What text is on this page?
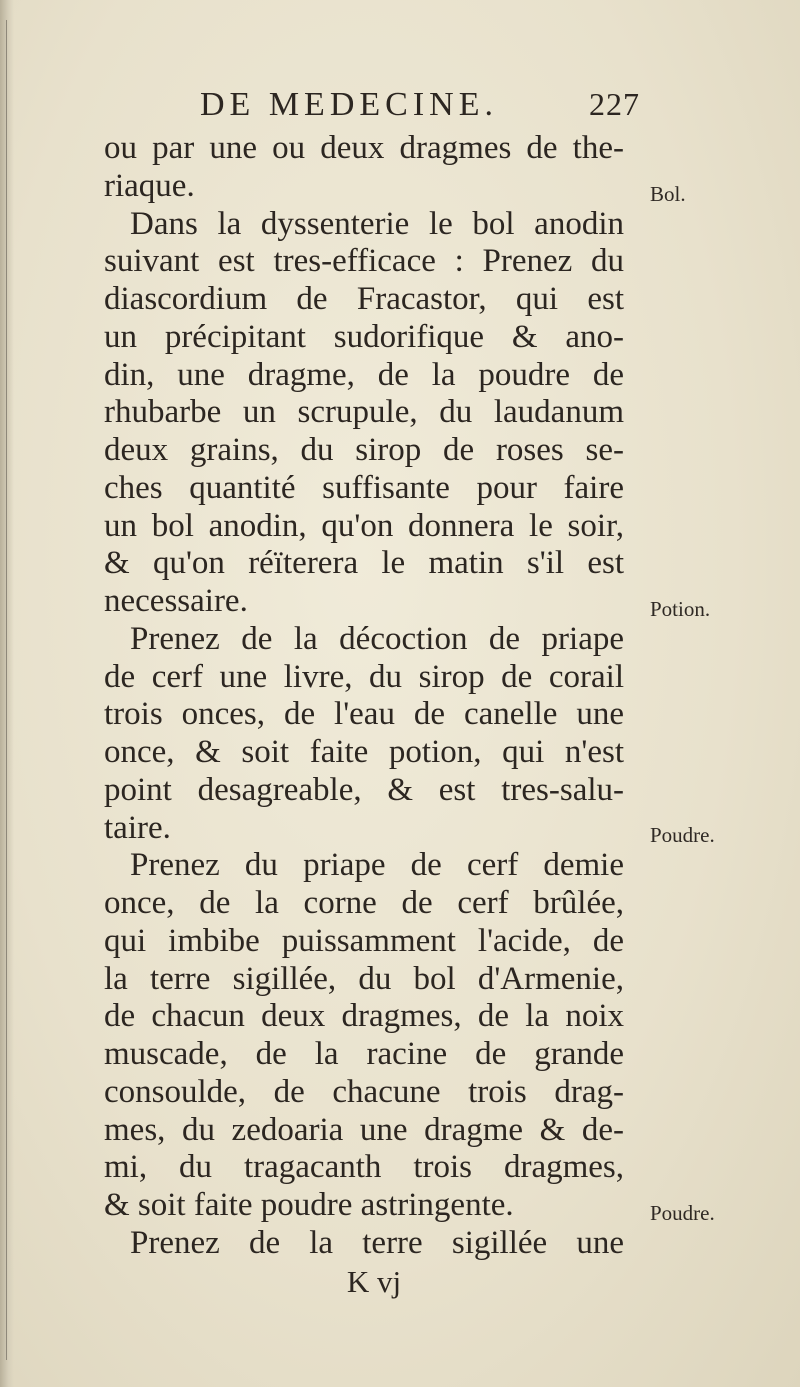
DE MEDECINE.	227
ou par une ou deux dragmes de the-
riaque.
Dans la dyssenterie le bol anodin
suivant est tres-efficace : Prenez du
diascordium de Fracastor, qui est
un précipitant sudorifique & ano-
din, une dragme, de la poudre de
rhubarbe un scrupule, du laudanum
deux grains, du sirop de roses se-
ches quantité suffisante pour faire
un bol anodin, qu'on donnera le soir,
& qu'on réïterera le matin s'il est
necessaire.
Prenez de la décoction de priape
de cerf une livre, du sirop de corail
trois onces, de l'eau de canelle une
once, & soit faite potion, qui n'est
point desagreable, & est tres-salu-
taire.
Prenez du priape de cerf demie
once, de la corne de cerf brûlée,
qui imbibe puissamment l'acide, de
la terre sigillée, du bol d'Armenie,
de chacun deux dragmes, de la noix
muscade, de la racine de grande
consoulde, de chacune trois drag-
mes, du zedoaria une dragme & de-
mi, du tragacanth trois dragmes,
& soit faite poudre astringente.
Prenez de la terre sigillée une
K vj
Bol.
Potion.
Poudre.
Poudre.
